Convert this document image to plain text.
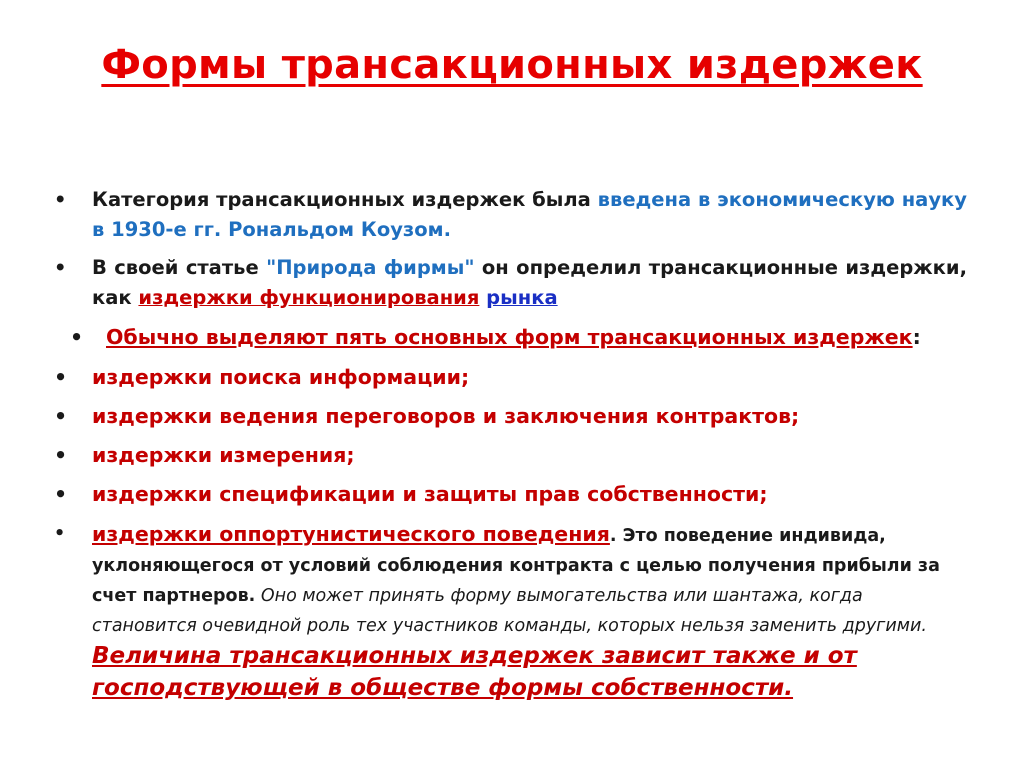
Формы трансакционных издержек
• Категория трансакционных издержек была введена в экономическую науку в 1930-е гг. Рональдом Коузом.
• В своей статье "Природа фирмы" он определил трансакционные издержки, как издержки функционирования рынка
• Обычно выделяют пять основных форм трансакционных издержек:
• издержки поиска информации;
• издержки ведения переговоров и заключения контрактов;
• издержки измерения;
• издержки спецификации и защиты прав собственности;
• издержки оппортунистического поведения. Это поведение индивида, уклоняющегося от условий соблюдения контракта с целью получения прибыли за счет партнеров. Оно может принять форму вымогательства или шантажа, когда становится очевидной роль тех участников команды, которых нельзя заменить другими. Величина трансакционных издержек зависит также и от господствующей в обществе формы собственности.
